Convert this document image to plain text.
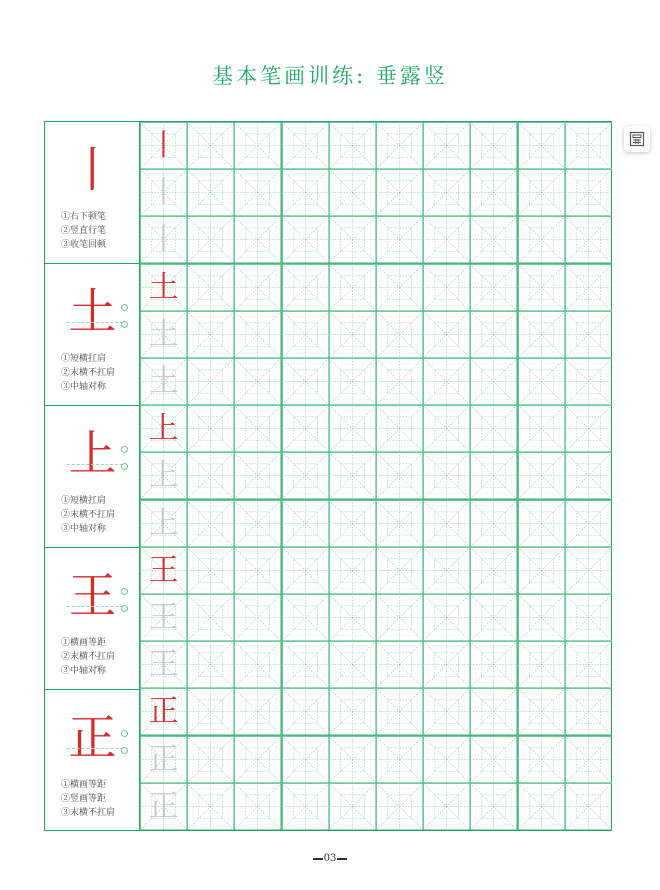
基本笔画训练: 垂露竖
丨
①右下顿笔
②竖直行笔
③收笔回顿
土
①短横扛肩
②末横不扛肩
③中轴对称
上
①短横扛肩
②末横不扛肩
③中轴对称
王
①横画等距
②末横不扛肩
③中轴对称
正
①横画等距
②竖画等距
③末横不扛肩
丨
丨
丨
土
土
土
上
上
上
王
王
王
正
正
正
03
